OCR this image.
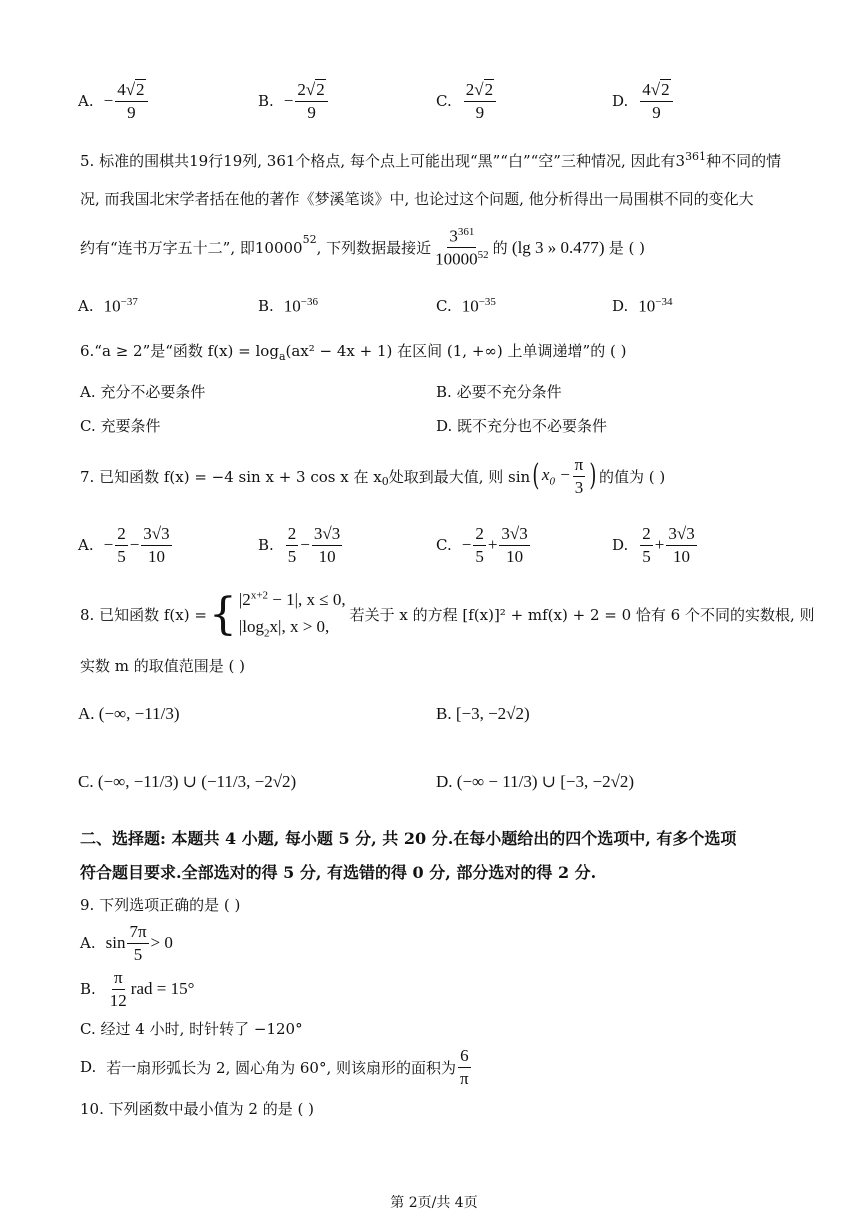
A. − $\frac{4√2}{9}$	B. − $\frac{2√2}{9}$	C. $\frac{2√2}{9}$	D. $\frac{4√2}{9}$
5. 标准的围棋共19行19列, 361个格点, 每个点上可能出现“黑”“白”“空”三种情况, 因此有$3^{361}$种不同的情
况, 而我国北宋学者括在他的著作《梦溪笔谈》中, 也论过这个问题, 他分析得出一局围棋不同的变化大
约有“连书万字五十二”, 即10000$^{52}$ , 下列数据最接近 $\frac{3^{361}}{10000^{52}}$ 的 (lg 3 » 0.477) 是 ( )
A. $10^{-37}$	B. $10^{-36}$	C. $10^{-35}$	D. $10^{-34}$
6.“a ≥ 2”是“函数 $f(x) = \log_a(ax^2 - 4x + 1)$ 在区间 (1, +∞) 上单调递增”的 ( )
A. 充分不必要条件	B. 必要不充分条件
C. 充要条件	D. 既不充分也不必要条件
7. 已知函数 f(x) = −4 sin x + 3 cos x 在 $x_0$ 处取到最大值, 则 sin ( $x_0 - \frac{\pi}{3}$ ) 的值为 ( )
A. − $\frac{2}{5} - \frac{3√3}{10}$	B. $\frac{2}{5} - \frac{3√3}{10}$	C. − $\frac{2}{5} + \frac{3√3}{10}$	D. $\frac{2}{5} + \frac{3√3}{10}$
8. 已知函数 f(x) = { $|2^{x+2} - 1|$, x ≤ 0,
$|\log_2x|$, x > 0,
若关于 x 的方程 [f(x)]² + mf(x) + 2 = 0 恰有 6 个不同的实数根, 则
实数 m 的取值范围是 ( )
A. (−∞, −11/3)	B. [−3, −2√2)
C. (−∞, −11/3) ∪ (−11/3, −2√2)	D. (−∞ − 11/3) ∪ [−3, −2√2)
二、选择题: 本题共 4 小题, 每小题 5 分, 共 20 分.在每小题给出的四个选项中, 有多个选项
符合题目要求.全部选对的得 5 分, 有选错的得 0 分, 部分选对的得 2 分.
9. 下列选项正确的是 ( )
A. $\sin \frac{7\pi}{5} > 0$
B. $\frac{\pi}{12}$ rad = 15°
C. 经过 4 小时, 时针转了 −120°
D. 若一扇形弧长为 2, 圆心角为 60°, 则该扇形的面积为 $\frac{6}{\pi}$
10. 下列函数中最小值为 2 的是 ( )
第 2页/共 4页
